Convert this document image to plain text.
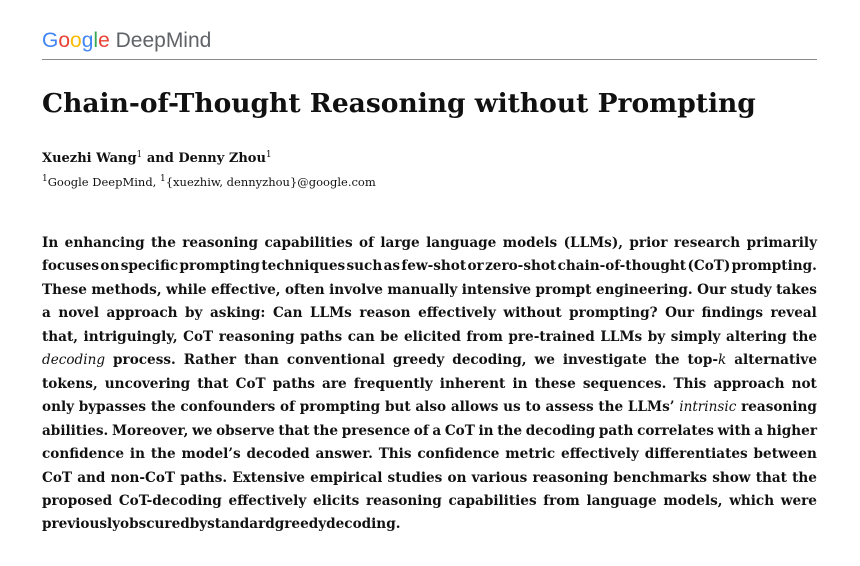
Google DeepMind
Chain-of-Thought Reasoning without Prompting
Xuezhi Wang$^1$ and Denny Zhou$^1$
$^1$Google DeepMind, $^1${xuezhiw, dennyzhou}@google.com
In enhancing the reasoning capabilities of large language models (LLMs), prior research primarily
focuses on specific prompting techniques such as few-shot or zero-shot chain-of-thought (CoT) prompting.
These methods, while effective, often involve manually intensive prompt engineering. Our study takes
a novel approach by asking: Can LLMs reason effectively without prompting? Our findings reveal
that, intriguingly, CoT reasoning paths can be elicited from pre-trained LLMs by simply altering the
decoding process. Rather than conventional greedy decoding, we investigate the top-k alternative
tokens, uncovering that CoT paths are frequently inherent in these sequences. This approach not
only bypasses the confounders of prompting but also allows us to assess the LLMs’ intrinsic reasoning
abilities. Moreover, we observe that the presence of a CoT in the decoding path correlates with a higher
confidence in the model’s decoded answer. This confidence metric effectively differentiates between
CoT and non-CoT paths. Extensive empirical studies on various reasoning benchmarks show that the
proposed CoT-decoding effectively elicits reasoning capabilities from language models, which were
previously obscured by standard greedy decoding.
